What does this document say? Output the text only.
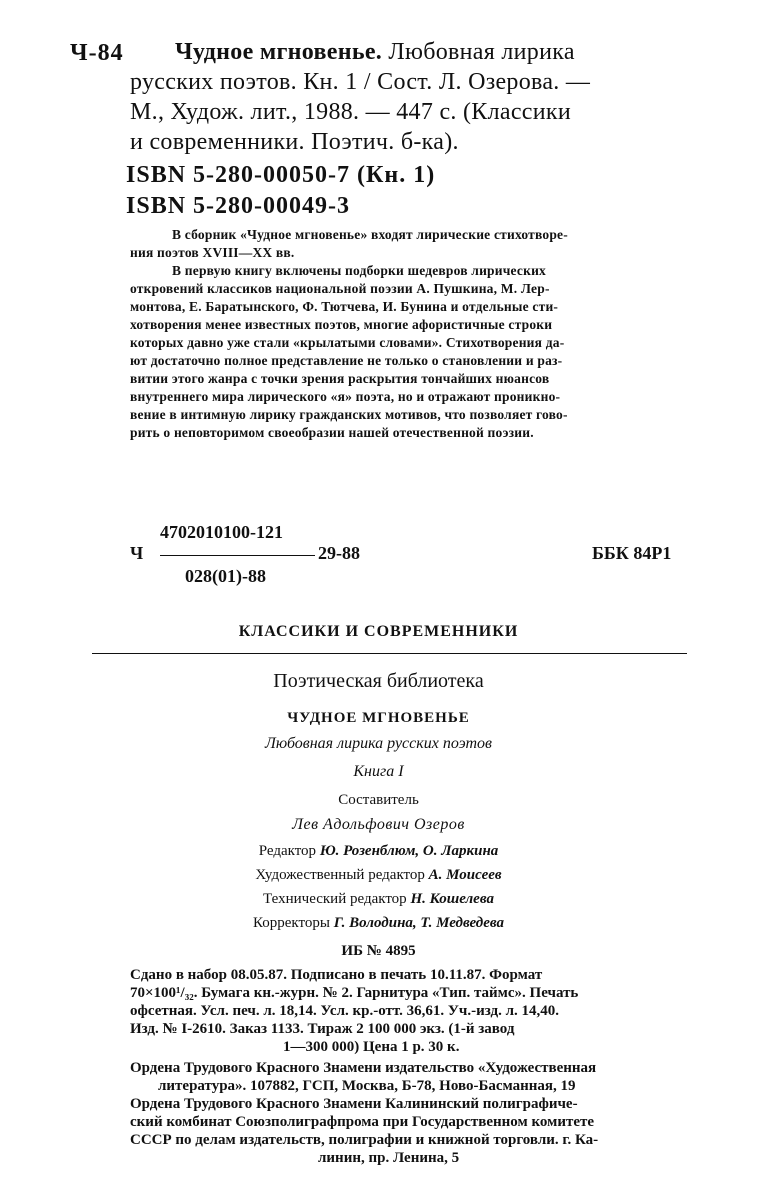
Ч-84 Чудное мгновенье. Любовная лирика
русских поэтов. Кн. 1 / Сост. Л. Озерова. —
М., Худож. лит., 1988. — 447 с. (Классики
и современники. Поэтич. б-ка).
ISBN 5-280-00050-7 (Кн. 1)
ISBN 5-280-00049-3
В сборник «Чудное мгновенье» входят лирические стихотворе-
ния поэтов XVIII—XX вв.
В первую книгу включены подборки шедевров лирических
откровений классиков национальной поэзии А. Пушкина, М. Лер-
монтова, Е. Баратынского, Ф. Тютчева, И. Бунина и отдельные сти-
хотворения менее известных поэтов, многие афористичные строки
которых давно уже стали «крылатыми словами». Стихотворения да-
ют достаточно полное представление не только о становлении и раз-
витии этого жанра с точки зрения раскрытия тончайших нюансов
внутреннего мира лирического «я» поэта, но и отражают проникно-
вение в интимную лирику гражданских мотивов, что позволяет гово-
рить о неповторимом своеобразии нашей отечественной поэзии.
4702010100-121
Ч	29-88	ББК 84Р1
028(01)-88
КЛАССИКИ И СОВРЕМЕННИКИ
Поэтическая библиотека
ЧУДНОЕ МГНОВЕНЬЕ
Любовная лирика русских поэтов
Книга I
Составитель
Лев Адольфович Озеров
Редактор Ю. Розенблюм, О. Ларкина
Художественный редактор А. Моисеев
Технический редактор Н. Кошелева
Корректоры Г. Володина, Т. Медведева
ИБ № 4895
Сдано в набор 08.05.87. Подписано в печать 10.11.87. Формат
70×100¹/₃₂. Бумага кн.-журн. № 2. Гарнитура «Тип. таймс». Печать
офсетная. Усл. печ. л. 18,14. Усл. кр.-отт. 36,61. Уч.-изд. л. 14,40.
Изд. № I-2610. Заказ 1133. Тираж 2 100 000 экз. (1-й завод
1—300 000) Цена 1 р. 30 к.
Ордена Трудового Красного Знамени издательство «Художественная
литература». 107882, ГСП, Москва, Б-78, Ново-Басманная, 19
Ордена Трудового Красного Знамени Калининский полиграфиче-
ский комбинат Союзполиграфпрома при Государственном комитете
СССР по делам издательств, полиграфии и книжной торговли. г. Ка-
линин, пр. Ленина, 5
